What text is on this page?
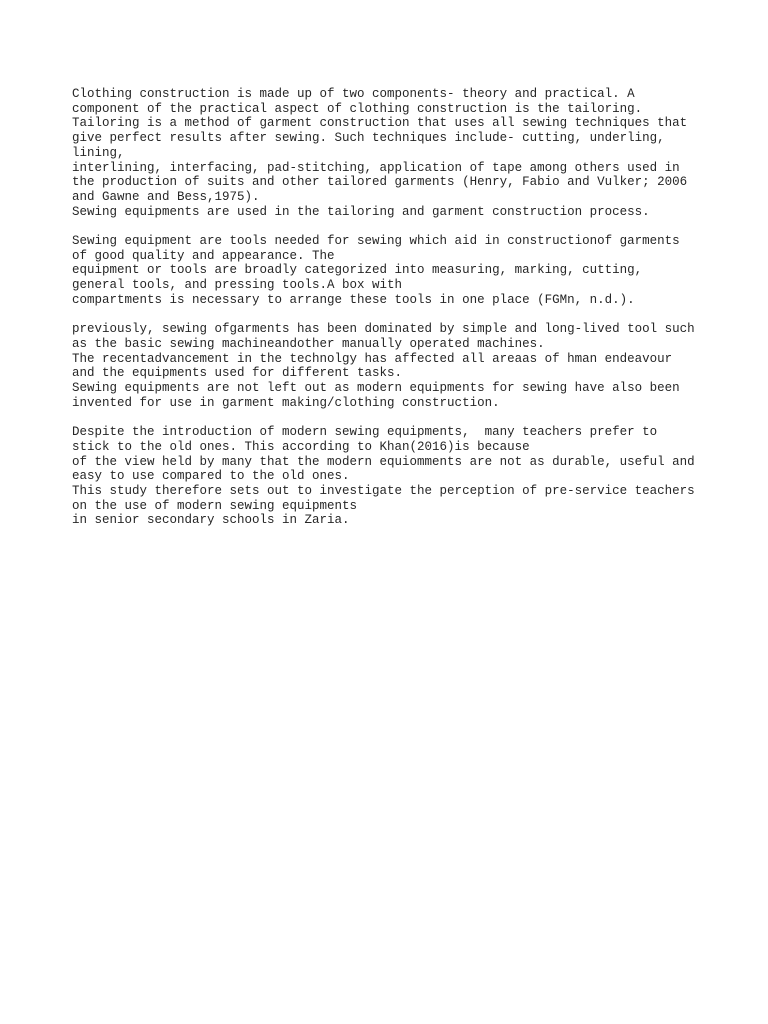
Clothing construction is made up of two components- theory and practical. A
component of the practical aspect of clothing construction is the tailoring.
Tailoring is a method of garment construction that uses all sewing techniques that
give perfect results after sewing. Such techniques include- cutting, underling,
lining,
interlining, interfacing, pad-stitching, application of tape among others used in
the production of suits and other tailored garments (Henry, Fabio and Vulker; 2006
and Gawne and Bess,1975).
Sewing equipments are used in the tailoring and garment construction process.

Sewing equipment are tools needed for sewing which aid in constructionof garments
of good quality and appearance. The
equipment or tools are broadly categorized into measuring, marking, cutting,
general tools, and pressing tools.A box with
compartments is necessary to arrange these tools in one place (FGMn, n.d.).

previously, sewing ofgarments has been dominated by simple and long-lived tool such
as the basic sewing machineandother manually operated machines.
The recentadvancement in the technolgy has affected all areaas of hman endeavour
and the equipments used for different tasks.
Sewing equipments are not left out as modern equipments for sewing have also been
invented for use in garment making/clothing construction.

Despite the introduction of modern sewing equipments,  many teachers prefer to
stick to the old ones. This according to Khan(2016)is because
of the view held by many that the modern equiomments are not as durable, useful and
easy to use compared to the old ones.
This study therefore sets out to investigate the perception of pre-service teachers
on the use of modern sewing equipments
in senior secondary schools in Zaria.
